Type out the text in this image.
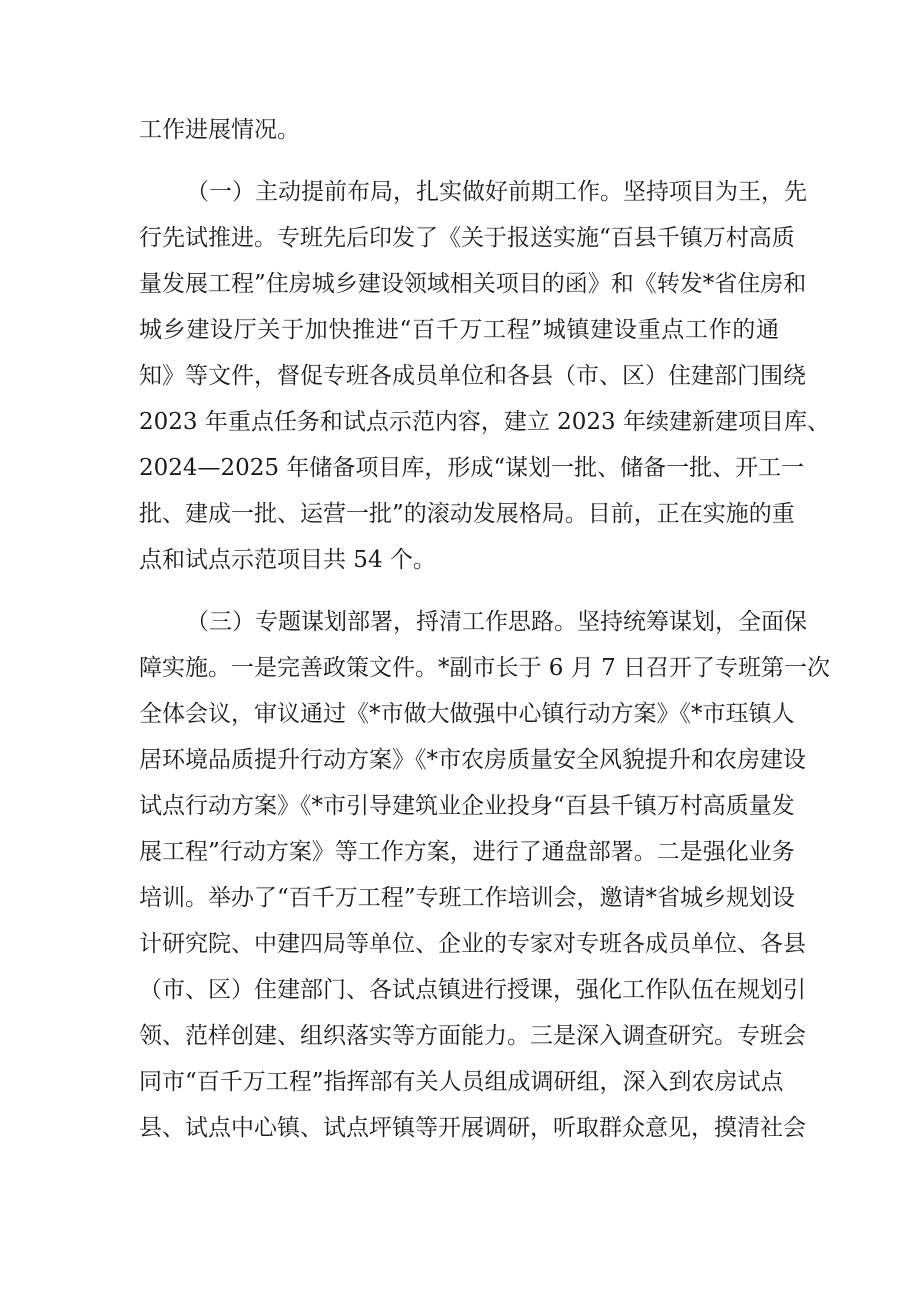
工作进展情况。
（一）主动提前布局，扎实做好前期工作。坚持项目为王，先
行先试推进。专班先后印发了《关于报送实施“百县千镇万村高质
量发展工程”住房城乡建设领域相关项目的函》和《转发*省住房和
城乡建设厅关于加快推进“百千万工程”城镇建设重点工作的通
知》等文件，督促专班各成员单位和各县（市、区）住建部门围绕
2023 年重点任务和试点示范内容，建立 2023 年续建新建项目库、
2024—2025 年储备项目库，形成“谋划一批、储备一批、开工一
批、建成一批、运营一批”的滚动发展格局。目前，正在实施的重
点和试点示范项目共 54 个。
（三）专题谋划部署，捋清工作思路。坚持统筹谋划，全面保
障实施。一是完善政策文件。*副市长于 6 月 7 日召开了专班第一次
全体会议，审议通过《*市做大做强中心镇行动方案》《*市珏镇人
居环境品质提升行动方案》《*市农房质量安全风貌提升和农房建设
试点行动方案》《*市引导建筑业企业投身“百县千镇万村高质量发
展工程”行动方案》等工作方案，进行了通盘部署。二是强化业务
培训。举办了“百千万工程”专班工作培训会，邀请*省城乡规划设
计研究院、中建四局等单位、企业的专家对专班各成员单位、各县
（市、区）住建部门、各试点镇进行授课，强化工作队伍在规划引
领、范样创建、组织落实等方面能力。三是深入调查研究。专班会
同市“百千万工程”指挥部有关人员组成调研组，深入到农房试点
县、试点中心镇、试点坪镇等开展调研，听取群众意见，摸清社会
